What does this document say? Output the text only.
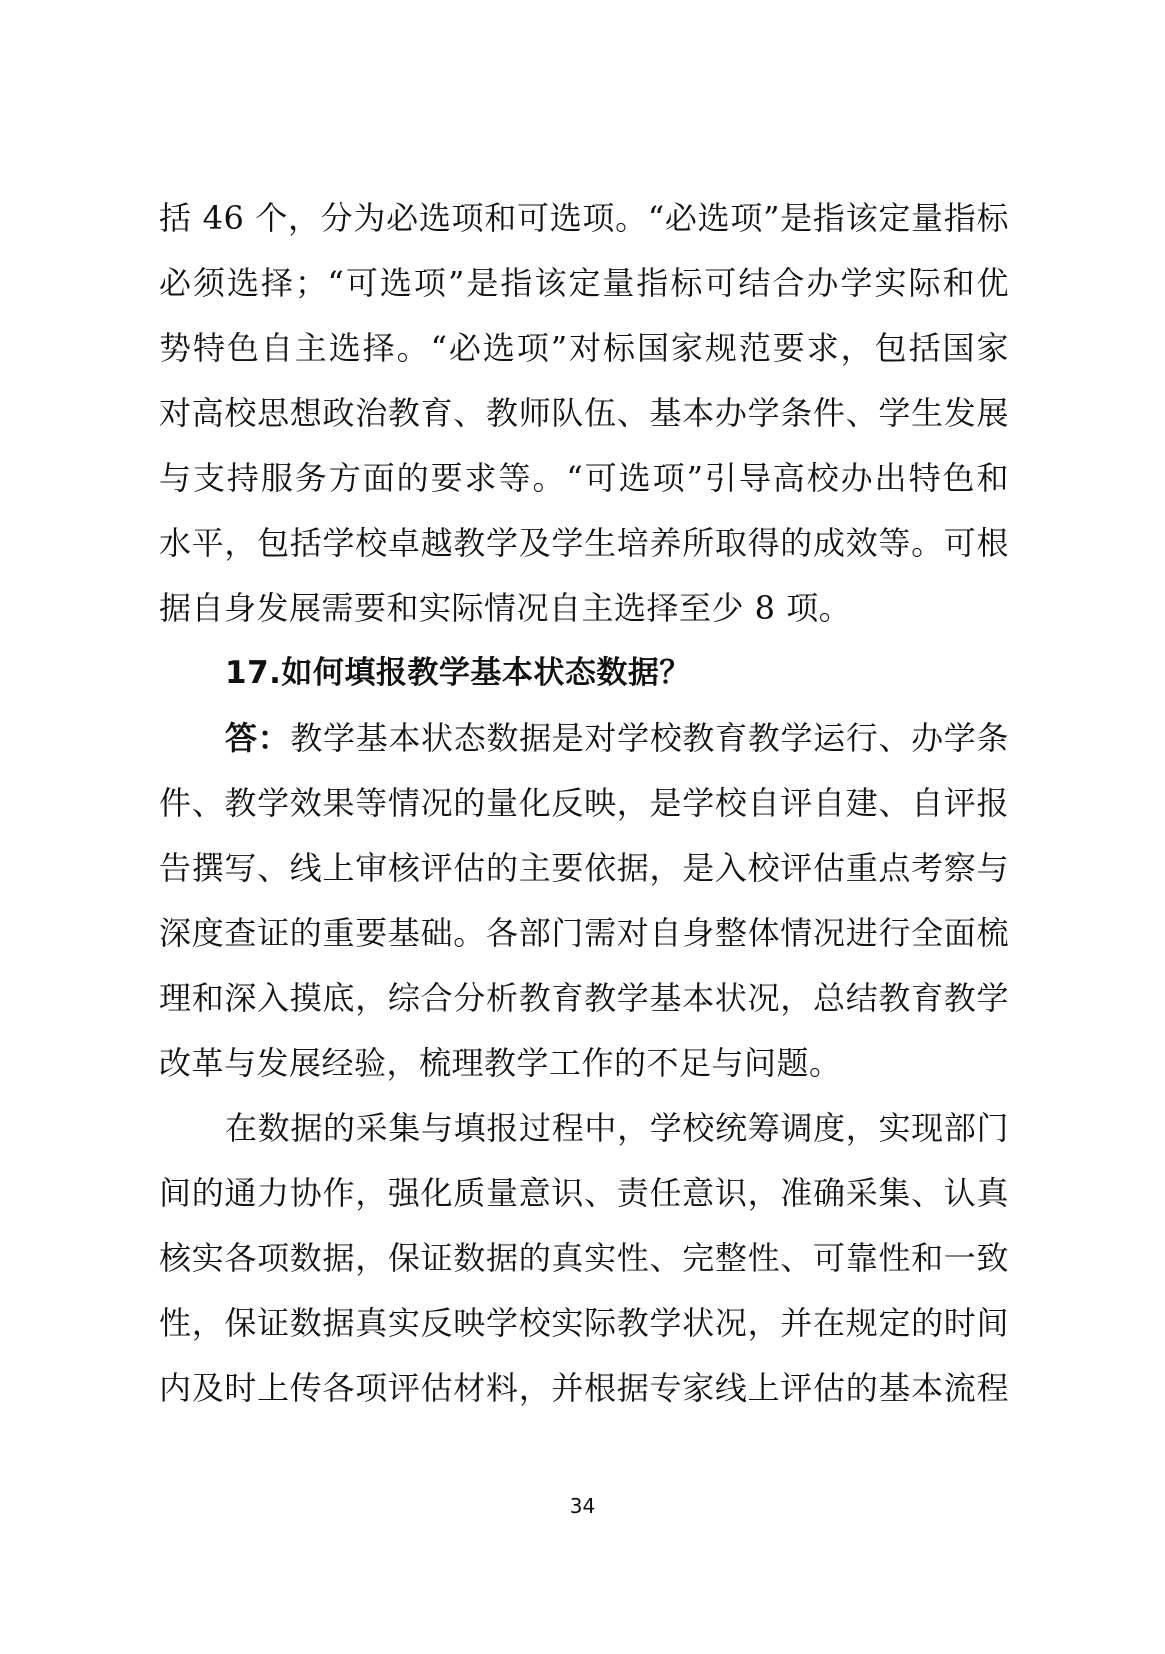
括 46 个，分为必选项和可选项。“必选项”是指该定量指标
必须选择；“可选项”是指该定量指标可结合办学实际和优
势特色自主选择。“必选项”对标国家规范要求，包括国家
对高校思想政治教育、教师队伍、基本办学条件、学生发展
与支持服务方面的要求等。“可选项”引导高校办出特色和
水平，包括学校卓越教学及学生培养所取得的成效等。可根
据自身发展需要和实际情况自主选择至少 8 项。
17.如何填报教学基本状态数据？
答：教学基本状态数据是对学校教育教学运行、办学条
件、教学效果等情况的量化反映，是学校自评自建、自评报
告撰写、线上审核评估的主要依据，是入校评估重点考察与
深度查证的重要基础。各部门需对自身整体情况进行全面梳
理和深入摸底，综合分析教育教学基本状况，总结教育教学
改革与发展经验，梳理教学工作的不足与问题。
在数据的采集与填报过程中，学校统筹调度，实现部门
间的通力协作，强化质量意识、责任意识，准确采集、认真
核实各项数据，保证数据的真实性、完整性、可靠性和一致
性，保证数据真实反映学校实际教学状况，并在规定的时间
内及时上传各项评估材料，并根据专家线上评估的基本流程
34
